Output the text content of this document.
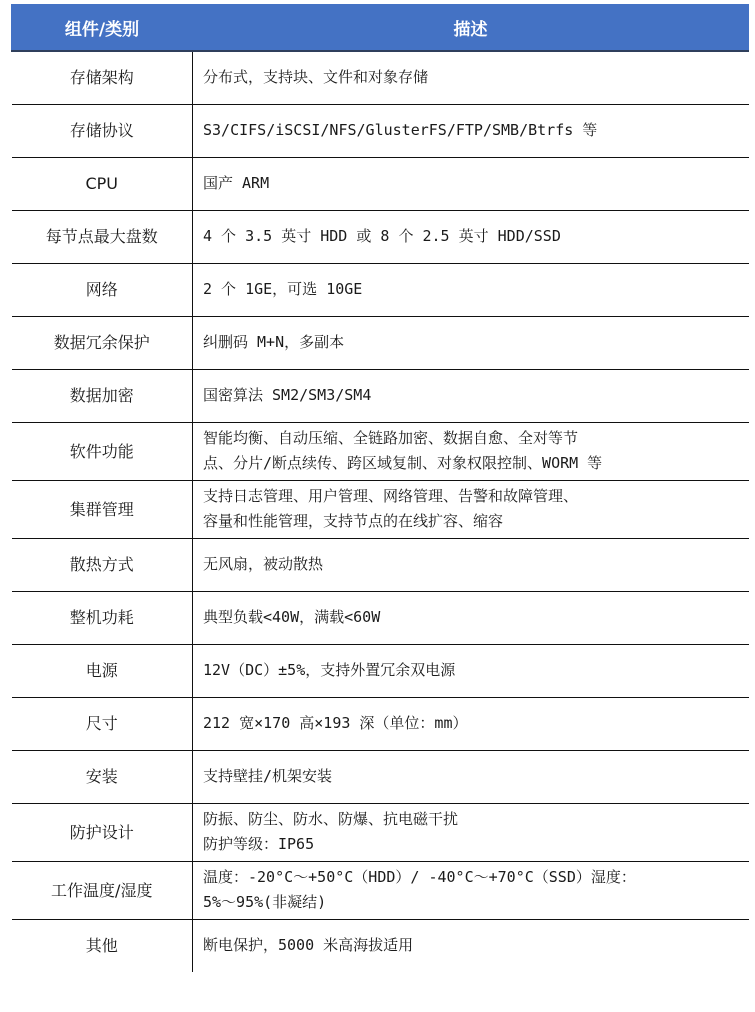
组件/类别	描述
存储架构	分布式，支持块、文件和对象存储

存储协议	S3/CIFS/iSCSI/NFS/GlusterFS/FTP/SMB/Btrfs 等

CPU	国产 ARM

每节点最大盘数	4 个 3.5 英寸 HDD 或 8 个 2.5 英寸 HDD/SSD

网络	2 个 1GE，可选 10GE

数据冗余保护	纠删码 M+N，多副本

数据加密	国密算法 SM2/SM3/SM4

软件功能	智能均衡、自动压缩、全链路加密、数据自愈、全对等节
点、分片/断点续传、跨区域复制、对象权限控制、WORM 等

集群管理	支持日志管理、用户管理、网络管理、告警和故障管理、
容量和性能管理，支持节点的在线扩容、缩容

散热方式	无风扇，被动散热

整机功耗	典型负载<40W，满载<60W

电源	12V（DC）±5%，支持外置冗余双电源

尺寸	212 宽×170 高×193 深（单位：mm）

安装	支持壁挂/机架安装

防护设计	防振、防尘、防水、防爆、抗电磁干扰
防护等级：IP65

工作温度/湿度	温度：-20°C～+50°C（HDD）/ -40°C～+70°C（SSD）湿度：
5%～95%(非凝结)

其他	断电保护，5000 米高海拔适用
